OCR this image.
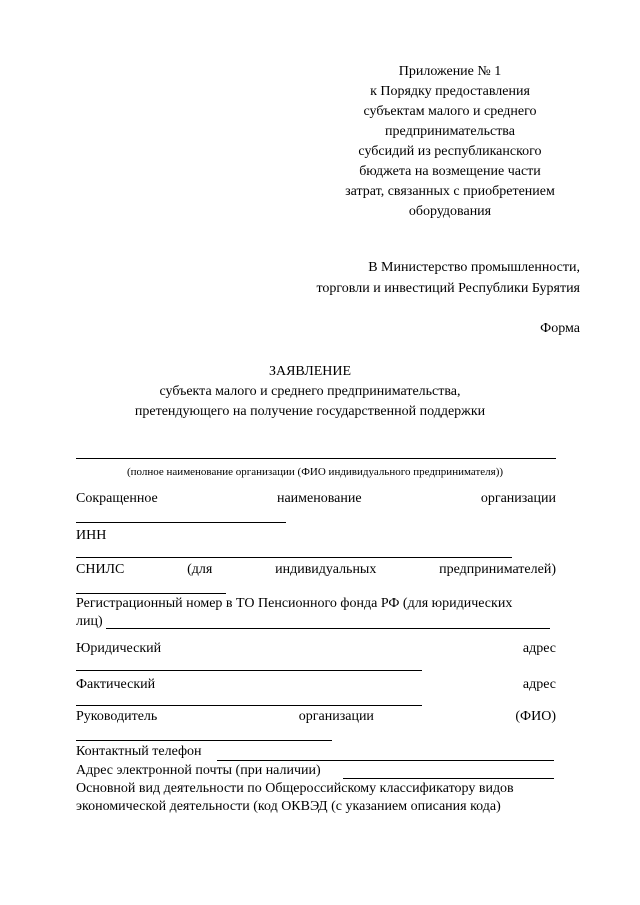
Приложение № 1
к Порядку предоставления
субъектам малого и среднего
предпринимательства
субсидий из республиканского
бюджета на возмещение части
затрат, связанных с приобретением
оборудования
В Министерство промышленности,
торговли и инвестиций Республики Бурятия
Форма
ЗАЯВЛЕНИЕ
субъекта малого и среднего предпринимательства,
претендующего на получение государственной поддержки
(полное наименование организации (ФИО индивидуального предпринимателя))
Сокращенное	наименование	организации
ИНН
СНИЛС	(для	индивидуальных	предпринимателей)
Регистрационный номер в ТО Пенсионного фонда РФ (для юридических
лиц)
Юридический	адрес
Фактический	адрес
Руководитель	организации	(ФИО)
Контактный телефон
Адрес электронной почты (при наличии)
Основной вид деятельности по Общероссийскому классификатору видов
экономической деятельности (код ОКВЭД (с указанием описания кода)
